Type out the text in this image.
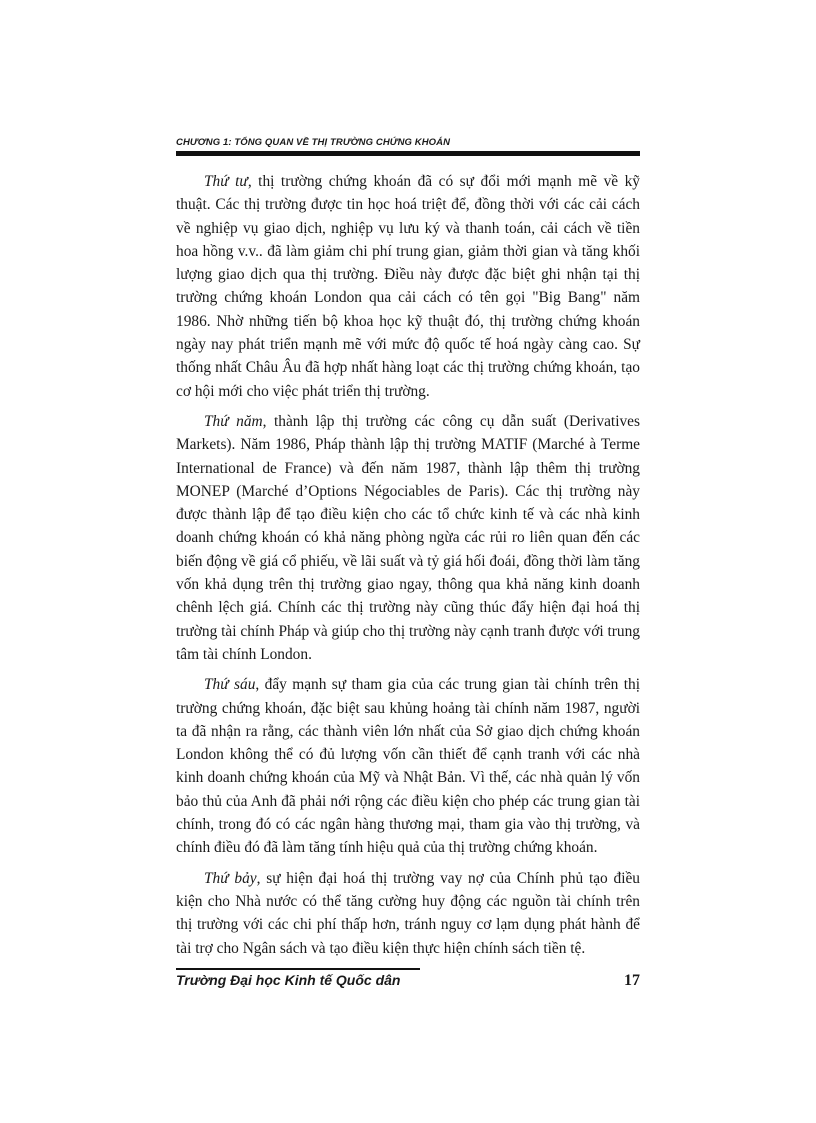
CHƯƠNG 1: TỔNG QUAN VỀ THỊ TRƯỜNG CHỨNG KHOÁN

Thứ tư, thị trường chứng khoán đã có sự đổi mới mạnh mẽ về kỹ thuật. Các thị trường được tin học hoá triệt để, đồng thời với các cải cách về nghiệp vụ giao dịch, nghiệp vụ lưu ký và thanh toán, cải cách về tiền hoa hồng v.v.. đã làm giảm chi phí trung gian, giảm thời gian và tăng khối lượng giao dịch qua thị trường. Điều này được đặc biệt ghi nhận tại thị trường chứng khoán London qua cải cách có tên gọi "Big Bang" năm 1986. Nhờ những tiến bộ khoa học kỹ thuật đó, thị trường chứng khoán ngày nay phát triển mạnh mẽ với mức độ quốc tế hoá ngày càng cao. Sự thống nhất Châu Âu đã hợp nhất hàng loạt các thị trường chứng khoán, tạo cơ hội mới cho việc phát triển thị trường.

Thứ năm, thành lập thị trường các công cụ dẫn suất (Derivatives Markets). Năm 1986, Pháp thành lập thị trường MATIF (Marché à Terme International de France) và đến năm 1987, thành lập thêm thị trường MONEP (Marché d’Options Négociables de Paris). Các thị trường này được thành lập để tạo điều kiện cho các tổ chức kinh tế và các nhà kinh doanh chứng khoán có khả năng phòng ngừa các rủi ro liên quan đến các biến động về giá cổ phiếu, về lãi suất và tỷ giá hối đoái, đồng thời làm tăng vốn khả dụng trên thị trường giao ngay, thông qua khả năng kinh doanh chênh lệch giá. Chính các thị trường này cũng thúc đẩy hiện đại hoá thị trường tài chính Pháp và giúp cho thị trường này cạnh tranh được với trung tâm tài chính London.

Thứ sáu, đẩy mạnh sự tham gia của các trung gian tài chính trên thị trường chứng khoán, đặc biệt sau khủng hoảng tài chính năm 1987, người ta đã nhận ra rằng, các thành viên lớn nhất của Sở giao dịch chứng khoán London không thể có đủ lượng vốn cần thiết để cạnh tranh với các nhà kinh doanh chứng khoán của Mỹ và Nhật Bản. Vì thế, các nhà quản lý vốn bảo thủ của Anh đã phải nới rộng các điều kiện cho phép các trung gian tài chính, trong đó có các ngân hàng thương mại, tham gia vào thị trường, và chính điều đó đã làm tăng tính hiệu quả của thị trường chứng khoán.

Thứ bảy, sự hiện đại hoá thị trường vay nợ của Chính phủ tạo điều kiện cho Nhà nước có thể tăng cường huy động các nguồn tài chính trên thị trường với các chi phí thấp hơn, tránh nguy cơ lạm dụng phát hành để tài trợ cho Ngân sách và tạo điều kiện thực hiện chính sách tiền tệ.

Trường Đại học Kinh tế Quốc dân	17
